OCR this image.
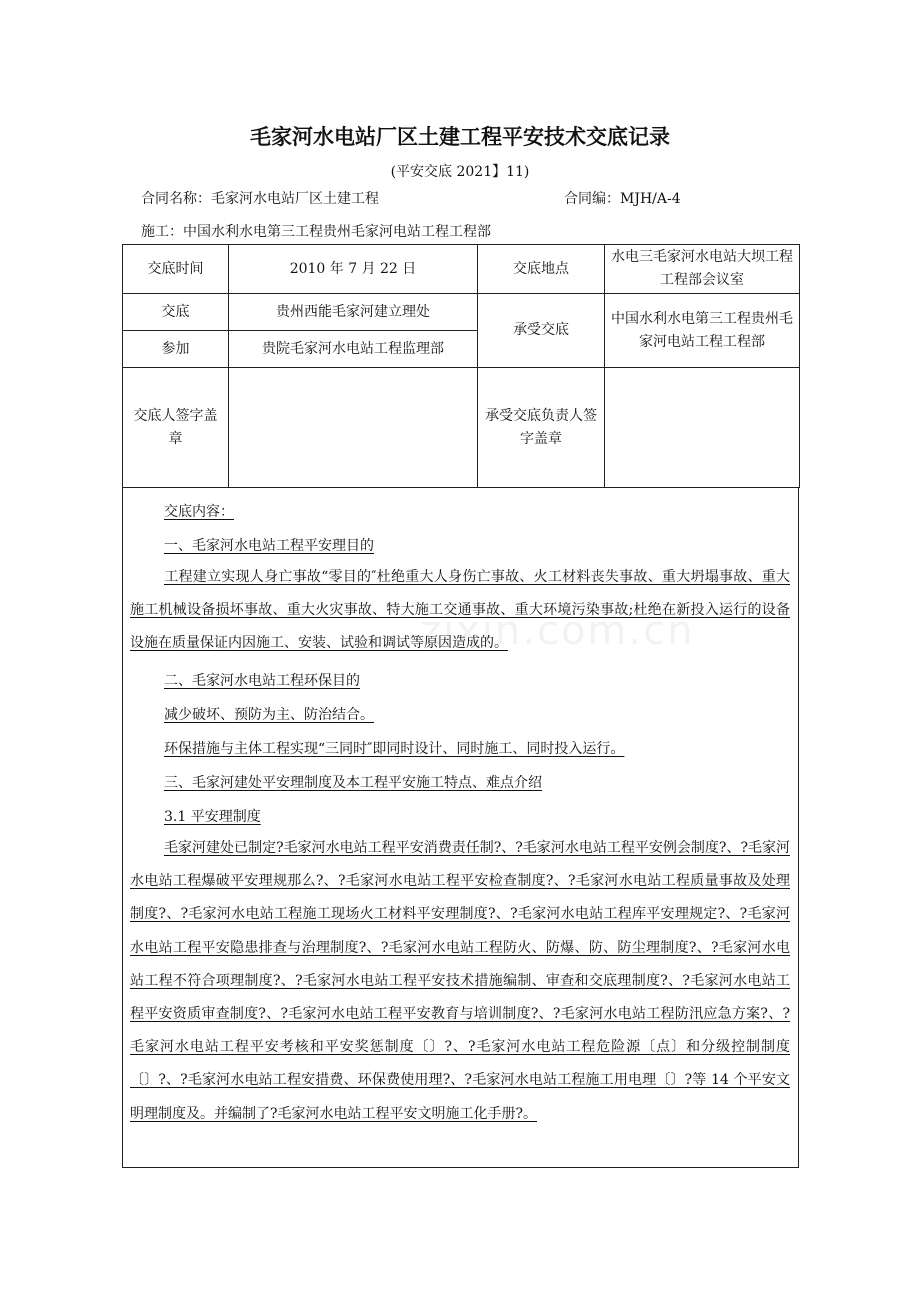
毛家河水电站厂区土建工程平安技术交底记录
(平安交底 2021】11)
合同名称：毛家河水电站厂区土建工程	合同编：MJH/A-4
施工：中国水利水电第三工程贵州毛家河电站工程工程部
交底时间	2010 年 7 月 22 日	交底地点	水电三毛家河水电站大坝工程工程部会议室
交底	贵州西能毛家河建立理处	承受交底	中国水利水电第三工程贵州毛家河电站工程工程部
参加	贵院毛家河水电站工程监理部		
交底人签字盖章		承受交底负责人签字盖章	
zixin.com.cn
交底内容：
一、毛家河水电站工程平安理目的
工程建立实现人身亡事故“零目的″杜绝重大人身伤亡事故、火工材料丧失事故、重大坍塌事故、重大施工机械设备损坏事故、重大火灾事故、特大施工交通事故、重大环境污染事故;杜绝在新投入运行的设备设施在质量保证内因施工、安装、试验和调试等原因造成的。
二、毛家河水电站工程环保目的
减少破坏、预防为主、防治结合。
环保措施与主体工程实现“三同时″即同时设计、同时施工、同时投入运行。
三、毛家河建处平安理制度及本工程平安施工特点、难点介绍
3.1 平安理制度
毛家河建处已制定?毛家河水电站工程平安消费责任制?、?毛家河水电站工程平安例会制度?、?毛家河水电站工程爆破平安理规那么?、?毛家河水电站工程平安检查制度?、?毛家河水电站工程质量事故及处理制度?、?毛家河水电站工程施工现场火工材料平安理制度?、?毛家河水电站工程库平安理规定?、?毛家河水电站工程平安隐患排查与治理制度?、?毛家河水电站工程防火、防爆、防、防尘理制度?、?毛家河水电站工程不符合项理制度?、?毛家河水电站工程平安技术措施编制、审查和交底理制度?、?毛家河水电站工程平安资质审查制度?、?毛家河水电站工程平安教育与培训制度?、?毛家河水电站工程防汛应急方案?、?毛家河水电站工程平安考核和平安奖惩制度〔〕?、?毛家河水电站工程危险源〔点〕和分级控制制度〔〕?、?毛家河水电站工程安措费、环保费使用理?、?毛家河水电站工程施工用电理〔〕?等 14 个平安文明理制度及。并编制了?毛家河水电站工程平安文明施工化手册?。
